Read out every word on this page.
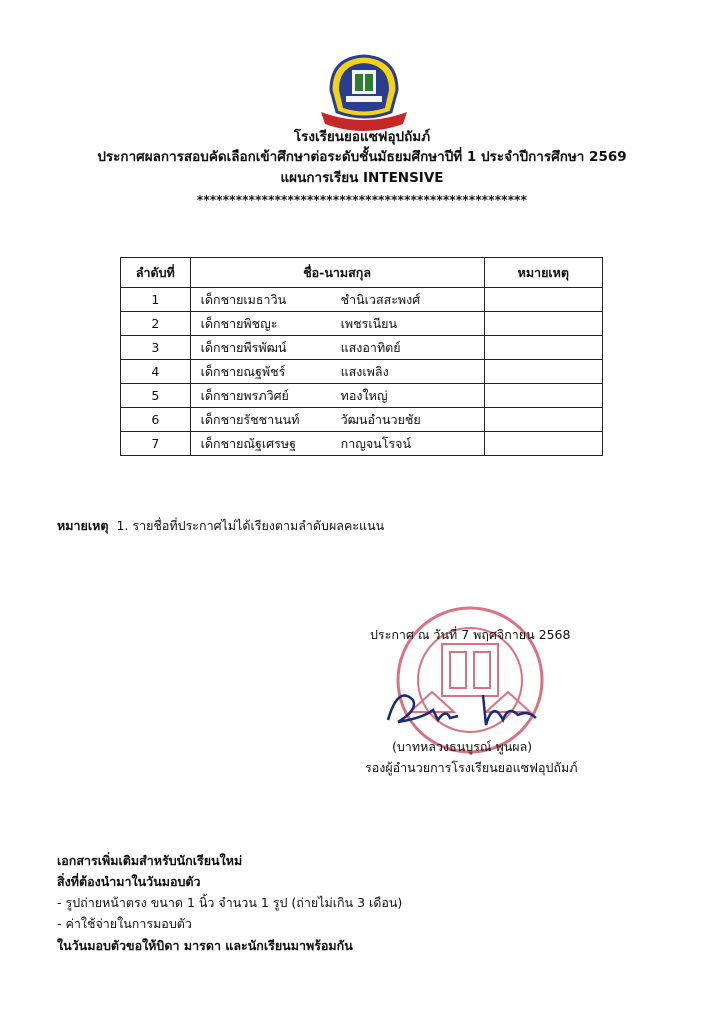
โรงเรียนยอแซฟอุปถัมภ์
ประกาศผลการสอบคัดเลือกเข้าศึกษาต่อระดับชั้นมัธยมศึกษาปีที่ 1 ประจำปีการศึกษา 2569
แผนการเรียน INTENSIVE
***************************************************
ลำดับที่	ชื่อ-นามสกุล	หมายเหตุ
1	เด็กชายเมธาวิน ชำนิเวสสะพงศ์	

2	เด็กชายพิชญะ เพชรเนียน	

3	เด็กชายพีรพัฒน์ แสงอาทิตย์	

4	เด็กชายณฐพัชร์ แสงเพลิง	

5	เด็กชายพรภวิศย์ ทองใหญ่	

6	เด็กชายรัชชานนท์ วัฒนอำนวยชัย	

7	เด็กชายณัฐเศรษฐ กาญจนโรจน์	

หมายเหตุ 1. รายชื่อที่ประกาศไม่ได้เรียงตามลำดับผลคะแนน
ประกาศ ณ วันที่ 7 พฤศจิกายน 2568
(บาทหลวงธนบูรณ์ พูนผล)
รองผู้อำนวยการโรงเรียนยอแซฟอุปถัมภ์
เอกสารเพิ่มเติมสำหรับนักเรียนใหม่
สิ่งที่ต้องนำมาในวันมอบตัว
- รูปถ่ายหน้าตรง ขนาด 1 นิ้ว จำนวน 1 รูป (ถ่ายไม่เกิน 3 เดือน)
- ค่าใช้จ่ายในการมอบตัว
ในวันมอบตัวขอให้บิดา มารดา และนักเรียนมาพร้อมกัน
